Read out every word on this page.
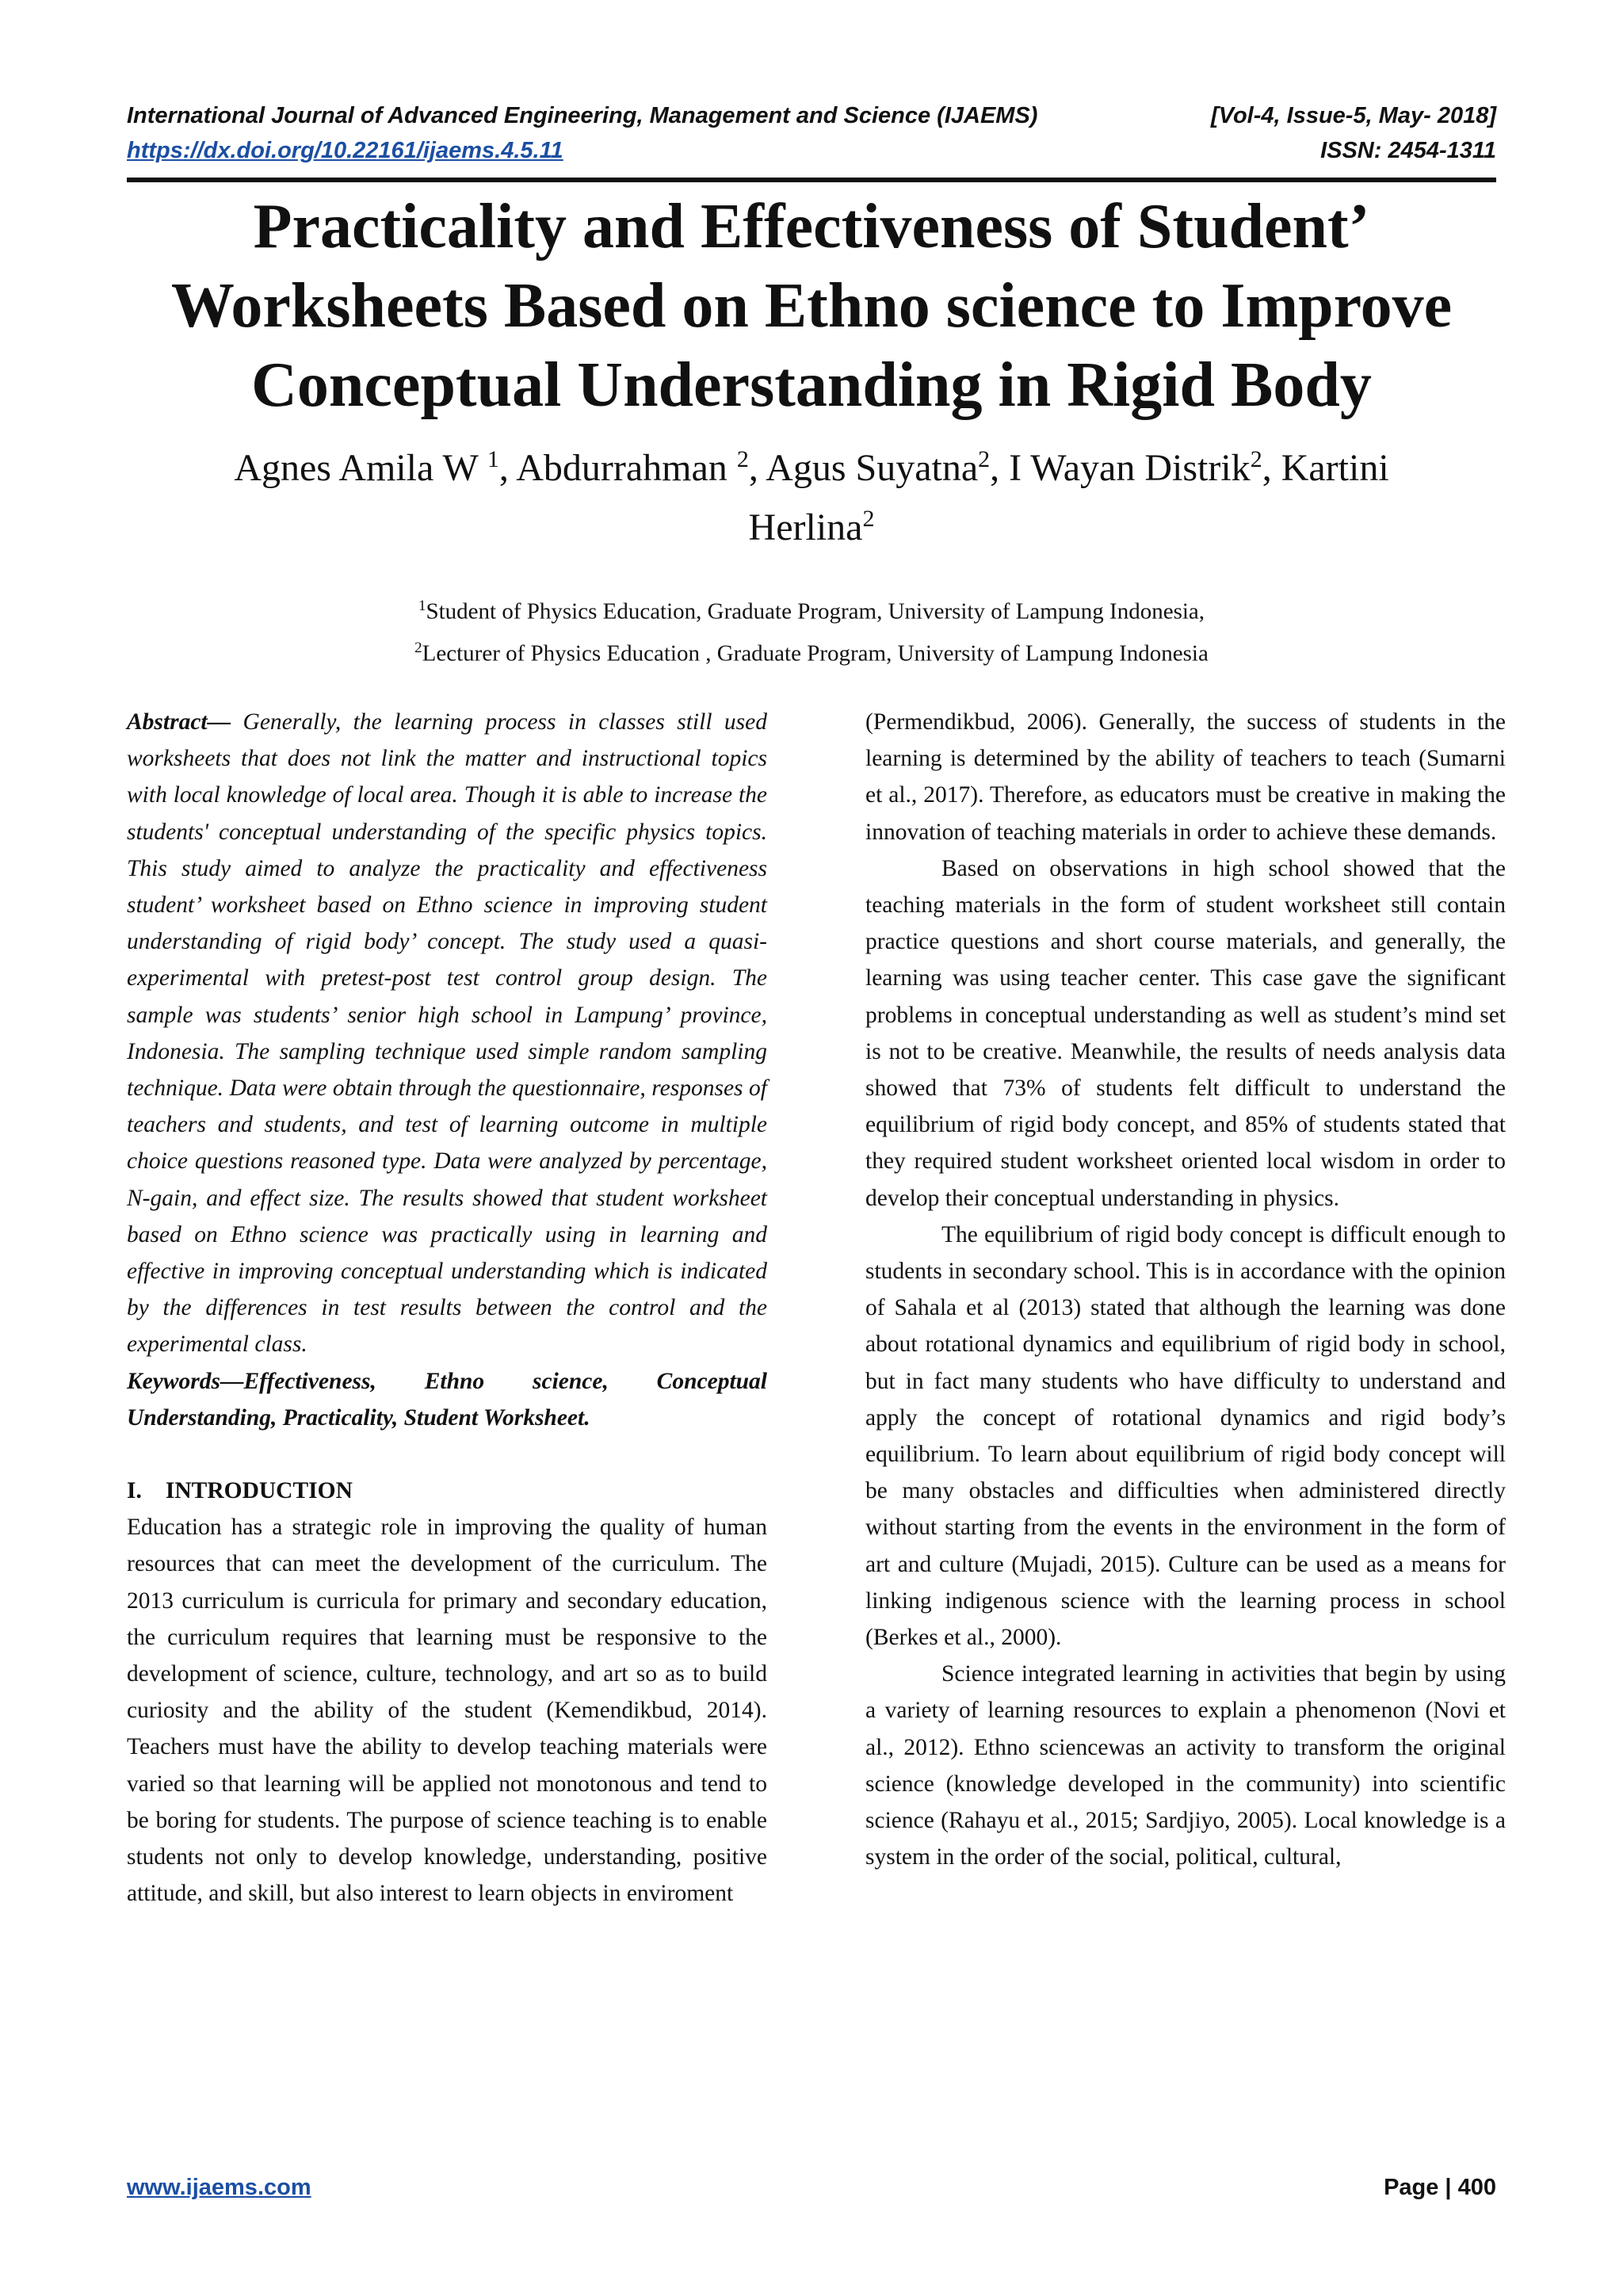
International Journal of Advanced Engineering, Management and Science (IJAEMS)	[Vol-4, Issue-5, May- 2018]
https://dx.doi.org/10.22161/ijaems.4.5.11	ISSN: 2454-1311
Practicality and Effectiveness of Student’
Worksheets Based on Ethno science to Improve
Conceptual Understanding in Rigid Body
Agnes Amila W $^1$, Abdurrahman $^2$, Agus Suyatna$^2$, I Wayan Distrik$^2$, Kartini
Herlina$^2$
$^1$Student of Physics Education, Graduate Program, University of Lampung Indonesia,
$^2$Lecturer of Physics Education , Graduate Program, University of Lampung Indonesia

Abstract— Generally, the learning process in classes still used worksheets that does not link the matter and instructional topics with local knowledge of local area. Though it is able to increase the students' conceptual understanding of the specific physics topics. This study aimed to analyze the practicality and effectiveness student’ worksheet based on Ethno science in improving student understanding of rigid body’ concept. The study used a quasi-experimental with pretest-post test control group design. The sample was students’ senior high school in Lampung’ province, Indonesia. The sampling technique used simple random sampling technique. Data were obtain through the questionnaire, responses of teachers and students, and test of learning outcome in multiple choice questions reasoned type. Data were analyzed by percentage, N-gain, and effect size. The results showed that student worksheet based on Ethno science was practically using in learning and effective in improving conceptual understanding which is indicated by the differences in test results between the control and the experimental class.

Keywords—Effectiveness, Ethno science, Conceptual Understanding, Practicality, Student Worksheet.

I. INTRODUCTION

Education has a strategic role in improving the quality of human resources that can meet the development of the curriculum. The 2013 curriculum is curricula for primary and secondary education, the curriculum requires that learning must be responsive to the development of science, culture, technology, and art so as to build curiosity and the ability of the student (Kemendikbud, 2014). Teachers must have the ability to develop teaching materials were varied so that learning will be applied not monotonous and tend to be boring for students. The purpose of science teaching is to enable students not only to develop knowledge, understanding, positive attitude, and skill, but also interest to learn objects in enviroment

(Permendikbud, 2006). Generally, the success of students in the learning is determined by the ability of teachers to teach (Sumarni et al., 2017). Therefore, as educators must be creative in making the innovation of teaching materials in order to achieve these demands.

Based on observations in high school showed that the teaching materials in the form of student worksheet still contain practice questions and short course materials, and generally, the learning was using teacher center. This case gave the significant problems in conceptual understanding as well as student’s mind set is not to be creative. Meanwhile, the results of needs analysis data showed that 73% of students felt difficult to understand the equilibrium of rigid body concept, and 85% of students stated that they required student worksheet oriented local wisdom in order to develop their conceptual understanding in physics.

The equilibrium of rigid body concept is difficult enough to students in secondary school. This is in accordance with the opinion of Sahala et al (2013) stated that although the learning was done about rotational dynamics and equilibrium of rigid body in school, but in fact many students who have difficulty to understand and apply the concept of rotational dynamics and rigid body’s equilibrium. To learn about equilibrium of rigid body concept will be many obstacles and difficulties when administered directly without starting from the events in the environment in the form of art and culture (Mujadi, 2015). Culture can be used as a means for linking indigenous science with the learning process in school (Berkes et al., 2000).

Science integrated learning in activities that begin by using a variety of learning resources to explain a phenomenon (Novi et al., 2012). Ethno sciencewas an activity to transform the original science (knowledge developed in the community) into scientific science (Rahayu et al., 2015; Sardjiyo, 2005). Local knowledge is a system in the order of the social, political, cultural,

www.ijaems.com	Page | 400
